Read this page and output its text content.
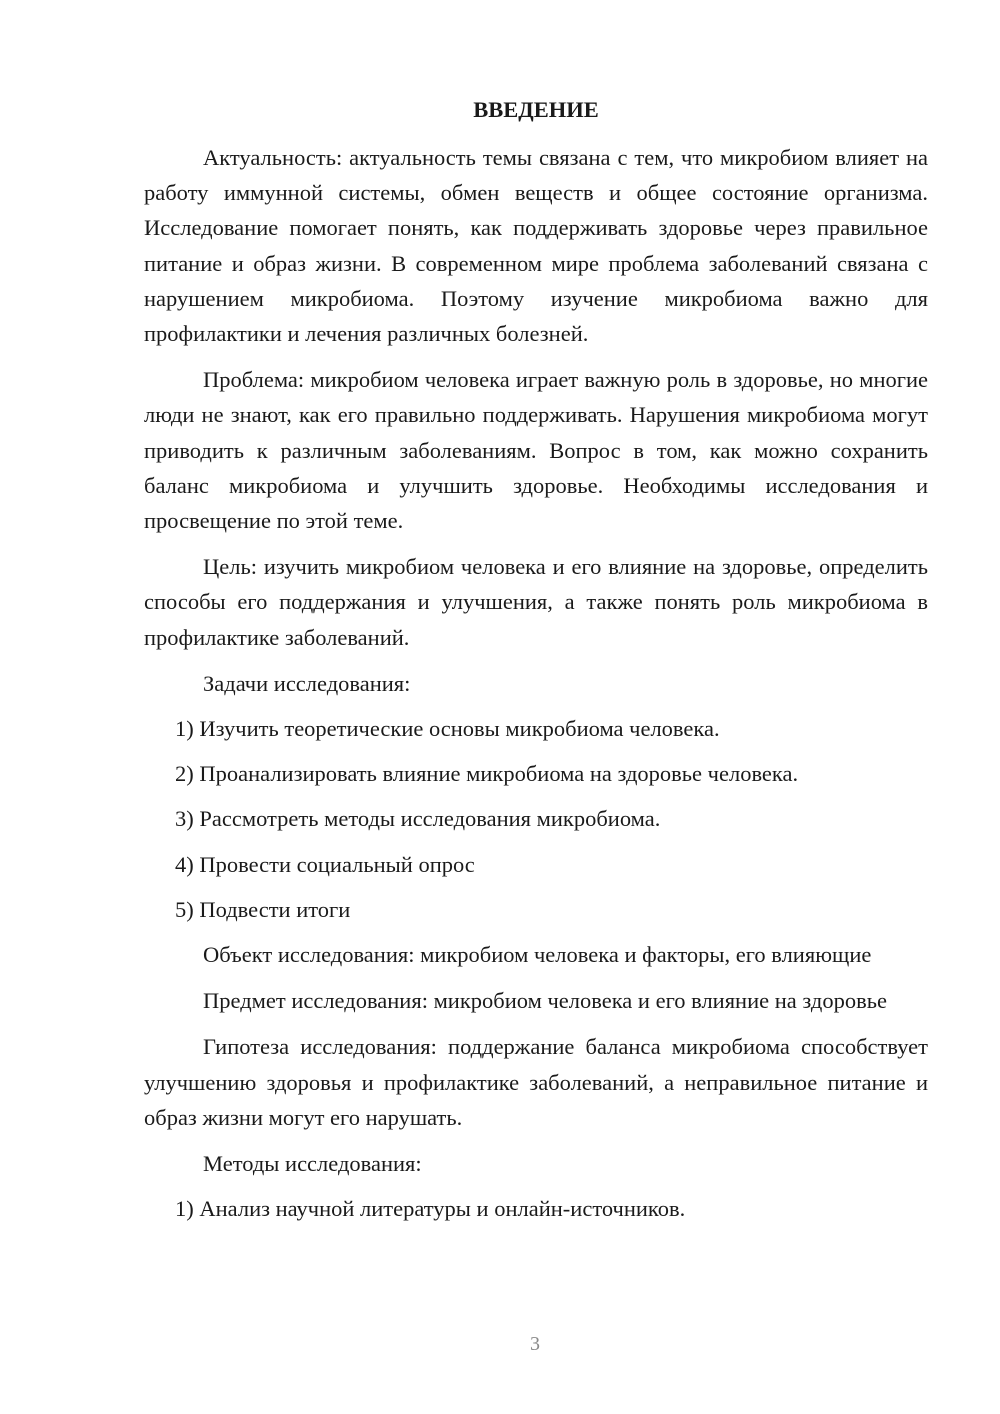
ВВЕДЕНИЕ

Актуальность: актуальность темы связана с тем, что микробиом влияет на работу иммунной системы, обмен веществ и общее состояние организма. Исследование помогает понять, как поддерживать здоровье через правильное питание и образ жизни. В современном мире проблема заболеваний связана с нарушением микробиома. Поэтому изучение микробиома важно для профилактики и лечения различных болезней.

Проблема: микробиом человека играет важную роль в здоровье, но многие люди не знают, как его правильно поддерживать. Нарушения микробиома могут приводить к различным заболеваниям. Вопрос в том, как можно сохранить баланс микробиома и улучшить здоровье. Необходимы исследования и просвещение по этой теме.

Цель: изучить микробиом человека и его влияние на здоровье, определить способы его поддержания и улучшения, а также понять роль микробиома в профилактике заболеваний.

Задачи исследования:
1) Изучить теоретические основы микробиома человека.
2) Проанализировать влияние микробиома на здоровье человека.
3) Рассмотреть методы исследования микробиома.
4) Провести социальный опрос
5) Подвести итоги

Объект исследования: микробиом человека и факторы, его влияющие

Предмет исследования: микробиом человека и его влияние на здоровье

Гипотеза исследования: поддержание баланса микробиома способствует улучшению здоровья и профилактике заболеваний, а неправильное питание и образ жизни могут его нарушать.

Методы исследования:
1) Анализ научной литературы и онлайн-источников.
3
